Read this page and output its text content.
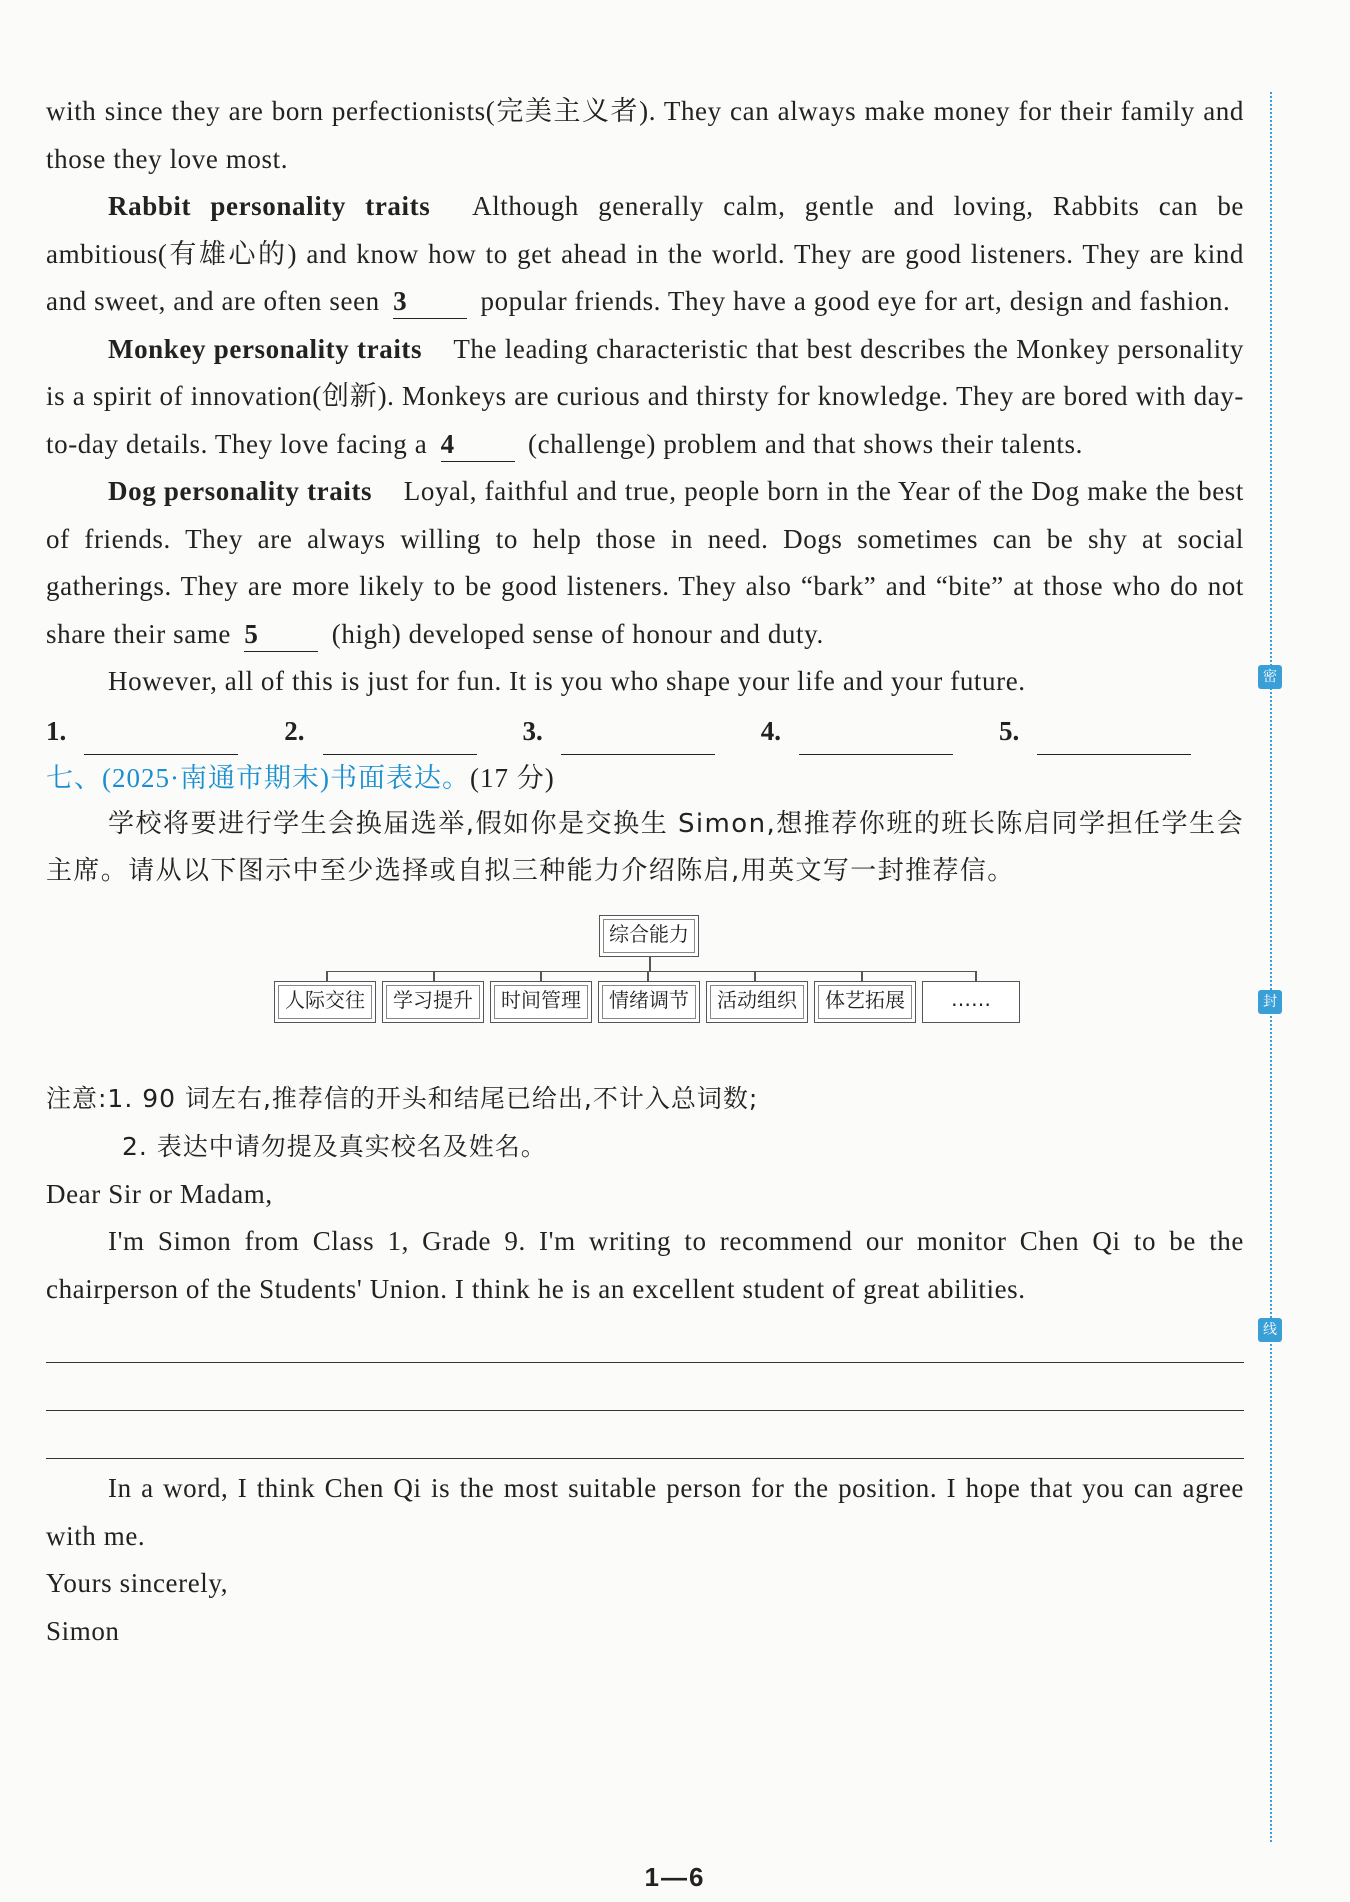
密
封
线

with since they are born perfectionists(完美主义者). They can always make money for their family and those they love most.

Rabbit personality traits Although generally calm, gentle and loving, Rabbits can be ambitious(有雄心的) and know how to get ahead in the world. They are good listeners. They are kind and sweet, and are often seen 3	popular friends. They have a good eye for art, design and fashion.

Monkey personality traits The leading characteristic that best describes the Monkey personality is a spirit of innovation(创新). Monkeys are curious and thirsty for knowledge. They are bored with day-to-day details. They love facing a 4	(challenge) problem and that shows their talents.

Dog personality traits Loyal, faithful and true, people born in the Year of the Dog make the best of friends. They are always willing to help those in need. Dogs sometimes can be shy at social gatherings. They are more likely to be good listeners. They also “bark” and “bite” at those who do not share their same 5	(high) developed sense of honour and duty.

However, all of this is just for fun. It is you who shape your life and your future.

1.	2.	3.	4.	5.

七、(2025·南通市期末)书面表达。(17 分)

学校将要进行学生会换届选举,假如你是交换生 Simon,想推荐你班的班长陈启同学担任学生会主席。请从以下图示中至少选择或自拟三种能力介绍陈启,用英文写一封推荐信。

综合能力
人际交往	学习提升	时间管理	情绪调节	活动组织	体艺拓展	……

注意:1. 90 词左右,推荐信的开头和结尾已给出,不计入总词数;

2. 表达中请勿提及真实校名及姓名。

Dear Sir or Madam,

I'm Simon from Class 1, Grade 9. I'm writing to recommend our monitor Chen Qi to be the chairperson of the Students' Union. I think he is an excellent student of great abilities.

In a word, I think Chen Qi is the most suitable person for the position. I hope that you can agree with me.

Yours sincerely,

Simon

1—6
